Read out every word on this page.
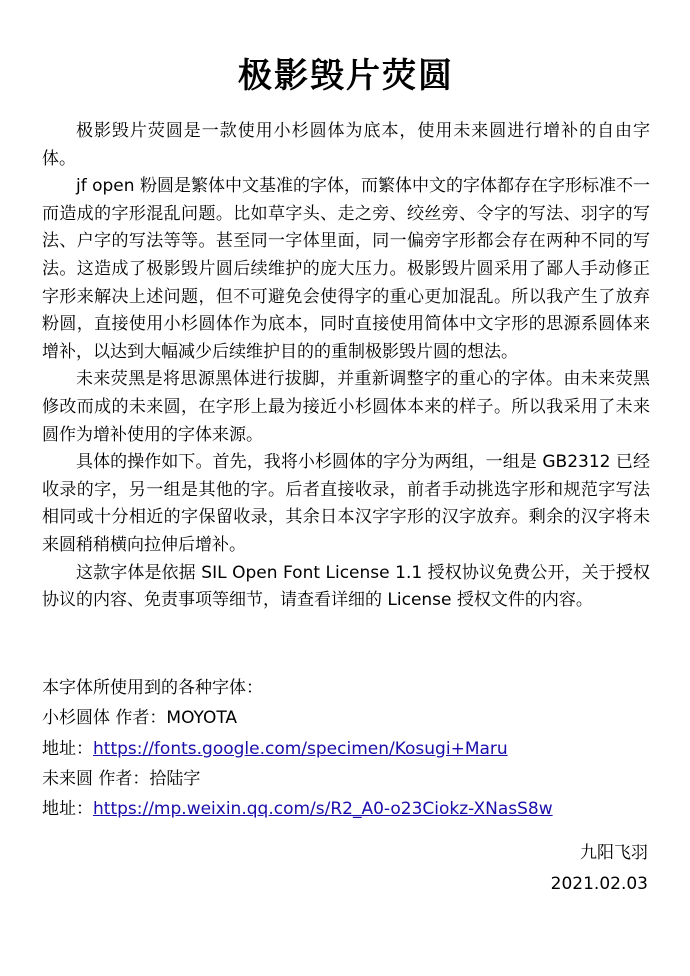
极影毁片荧圆

极影毁片荧圆是一款使用小杉圆体为底本，使用未来圆进行增补的自由字体。

jf open 粉圆是繁体中文基准的字体，而繁体中文的字体都存在字形标准不一而造成的字形混乱问题。比如草字头、走之旁、绞丝旁、令字的写法、羽字的写法、户字的写法等等。甚至同一字体里面，同一偏旁字形都会存在两种不同的写法。这造成了极影毁片圆后续维护的庞大压力。极影毁片圆采用了鄙人手动修正字形来解决上述问题，但不可避免会使得字的重心更加混乱。所以我产生了放弃粉圆，直接使用小杉圆体作为底本，同时直接使用简体中文字形的思源系圆体来增补，以达到大幅减少后续维护目的的重制极影毁片圆的想法。

未来荧黑是将思源黑体进行拔脚，并重新调整字的重心的字体。由未来荧黑修改而成的未来圆，在字形上最为接近小杉圆体本来的样子。所以我采用了未来圆作为增补使用的字体来源。

具体的操作如下。首先，我将小杉圆体的字分为两组，一组是 GB2312 已经收录的字，另一组是其他的字。后者直接收录，前者手动挑选字形和规范字写法相同或十分相近的字保留收录，其余日本汉字字形的汉字放弃。剩余的汉字将未来圆稍稍横向拉伸后增补。

这款字体是依据 SIL Open Font License 1.1 授权协议免费公开，关于授权协议的内容、免责事项等细节，请查看详细的 License 授权文件的内容。

本字体所使用到的各种字体：
小杉圆体 作者：MOYOTA
地址：https://fonts.google.com/specimen/Kosugi+Maru
未来圆 作者：拾陆字
地址：https://mp.weixin.qq.com/s/R2_A0-o23Ciokz-XNasS8w
九阳飞羽
2021.02.03
